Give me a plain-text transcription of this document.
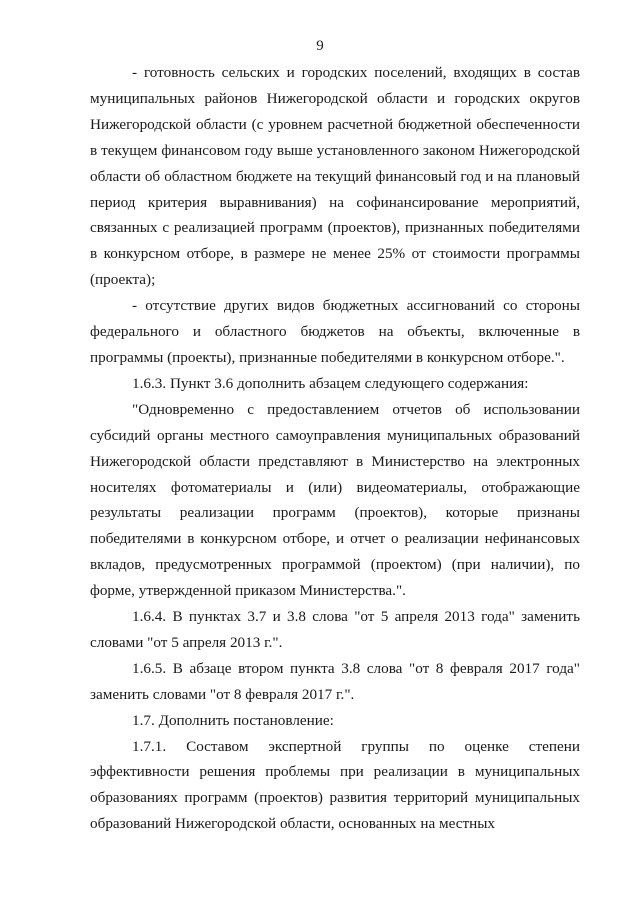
9

- готовность сельских и городских поселений, входящих в состав муниципальных районов Нижегородской области и городских округов Нижегородской области (с уровнем расчетной бюджетной обеспеченности в текущем финансовом году выше установленного законом Нижегородской области об областном бюджете на текущий финансовый год и на плановый период критерия выравнивания) на софинансирование мероприятий, связанных с реализацией программ (проектов), признанных победителями в конкурсном отборе, в размере не менее 25% от стоимости программы (проекта);

- отсутствие других видов бюджетных ассигнований со стороны федерального и областного бюджетов на объекты, включенные в программы (проекты), признанные победителями в конкурсном отборе.".

1.6.3. Пункт 3.6 дополнить абзацем следующего содержания:

"Одновременно с предоставлением отчетов об использовании субсидий органы местного самоуправления муниципальных образований Нижегородской области представляют в Министерство на электронных носителях фотоматериалы и (или) видеоматериалы, отображающие результаты реализации программ (проектов), которые признаны победителями в конкурсном отборе, и отчет о реализации нефинансовых вкладов, предусмотренных программой (проектом) (при наличии), по форме, утвержденной приказом Министерства.".

1.6.4. В пунктах 3.7 и 3.8 слова "от 5 апреля 2013 года" заменить словами "от 5 апреля 2013 г.".

1.6.5. В абзаце втором пункта 3.8 слова "от 8 февраля 2017 года" заменить словами "от 8 февраля 2017 г.".

1.7. Дополнить постановление:

1.7.1. Составом экспертной группы по оценке степени эффективности решения проблемы при реализации в муниципальных образованиях программ (проектов) развития территорий муниципальных образований Нижегородской области, основанных на местных
